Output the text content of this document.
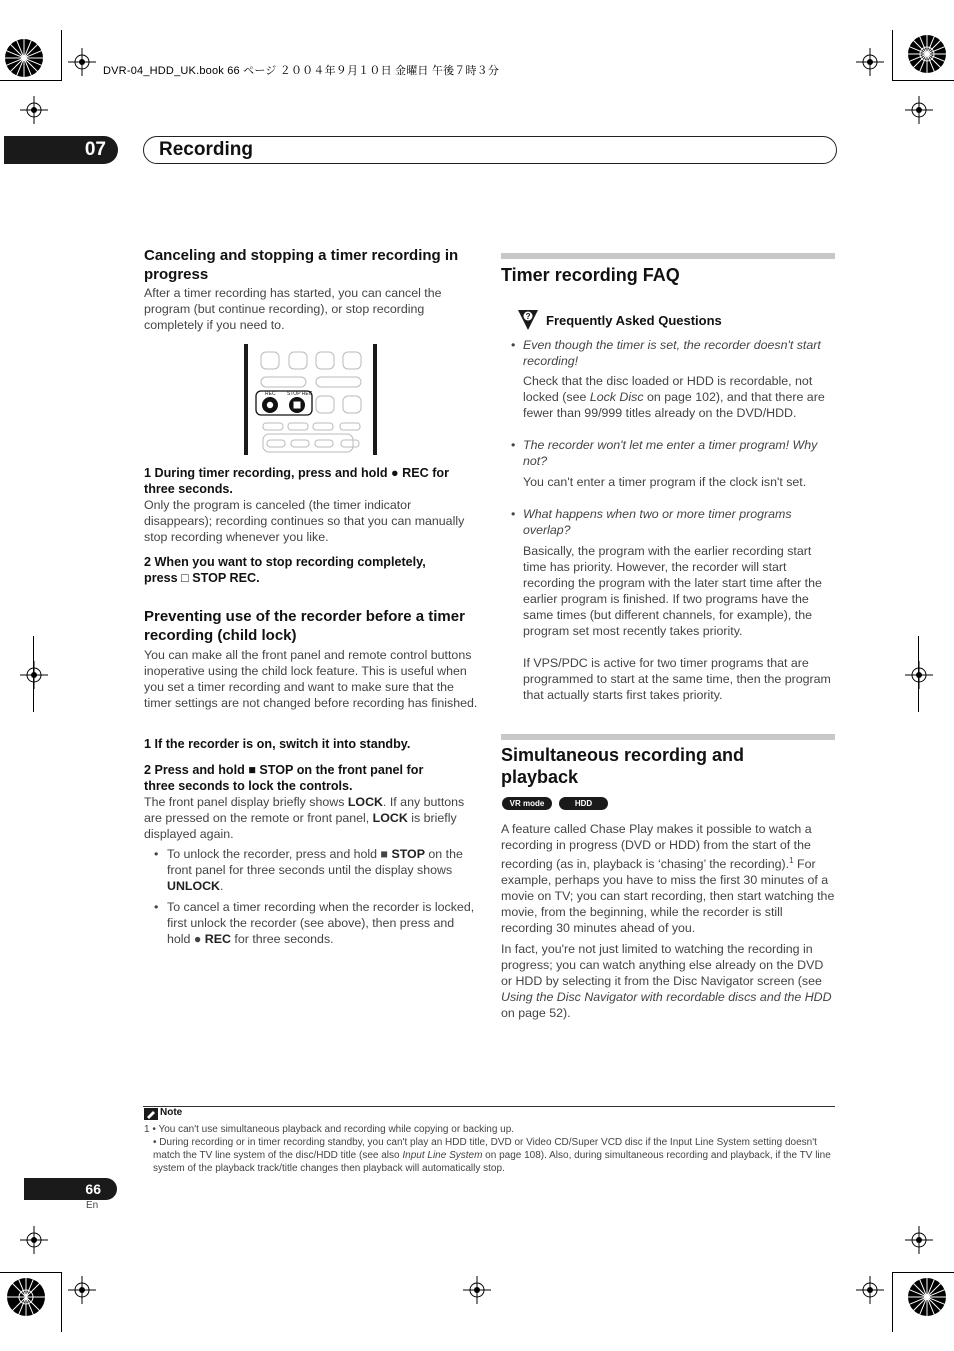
DVR-04_HDD_UK.book 66 ページ ２００４年９月１０日 金曜日 午後７時３分
07	Recording
Canceling and stopping a timer recording in progress
After a timer recording has started, you can cancel the program (but continue recording), or stop recording completely if you need to.
REC STOP REC
1 During timer recording, press and hold ● REC for
three seconds.
Only the program is canceled (the timer indicator disappears); recording continues so that you can manually stop recording whenever you like.
2 When you want to stop recording completely,
press □ STOP REC.
Preventing use of the recorder before a timer recording (child lock)
You can make all the front panel and remote control buttons inoperative using the child lock feature. This is useful when you set a timer recording and want to make sure that the timer settings are not changed before recording has finished.
1 If the recorder is on, switch it into standby.
2 Press and hold ■ STOP on the front panel for
three seconds to lock the controls.
The front panel display briefly shows LOCK. If any buttons are pressed on the remote or front panel, LOCK is briefly displayed again.
• To unlock the recorder, press and hold ■ STOP on the front panel for three seconds until the display shows UNLOCK.
• To cancel a timer recording when the recorder is locked, first unlock the recorder (see above), then press and hold ● REC for three seconds.
Timer recording FAQ
? Frequently Asked Questions
• Even though the timer is set, the recorder doesn't start recording!
Check that the disc loaded or HDD is recordable, not locked (see Lock Disc on page 102), and that there are fewer than 99/999 titles already on the DVD/HDD.
• The recorder won't let me enter a timer program! Why not?
You can't enter a timer program if the clock isn't set.
• What happens when two or more timer programs overlap?
Basically, the program with the earlier recording start time has priority. However, the recorder will start recording the program with the later start time after the earlier program is finished. If two programs have the same times (but different channels, for example), the program set most recently takes priority.
If VPS/PDC is active for two timer programs that are programmed to start at the same time, then the program that actually starts first takes priority.
Simultaneous recording and playback
VR mode	HDD
A feature called Chase Play makes it possible to watch a recording in progress (DVD or HDD) from the start of the recording (as in, playback is ‘chasing’ the recording).$^1$ For example, perhaps you have to miss the first 30 minutes of a movie on TV; you can start recording, then start watching the movie, from the beginning, while the recorder is still recording 30 minutes ahead of you.
In fact, you're not just limited to watching the recording in progress; you can watch anything else already on the DVD or HDD by selecting it from the Disc Navigator screen (see Using the Disc Navigator with recordable discs and the HDD on page 52).
Note
1 • You can't use simultaneous playback and recording while copying or backing up.
• During recording or in timer recording standby, you can't play an HDD title, DVD or Video CD/Super VCD disc if the Input Line System setting doesn't match the TV line system of the disc/HDD title (see also Input Line System on page 108). Also, during simultaneous recording and playback, if the TV line system of the playback track/title changes then playback will automatically stop.
66
En
